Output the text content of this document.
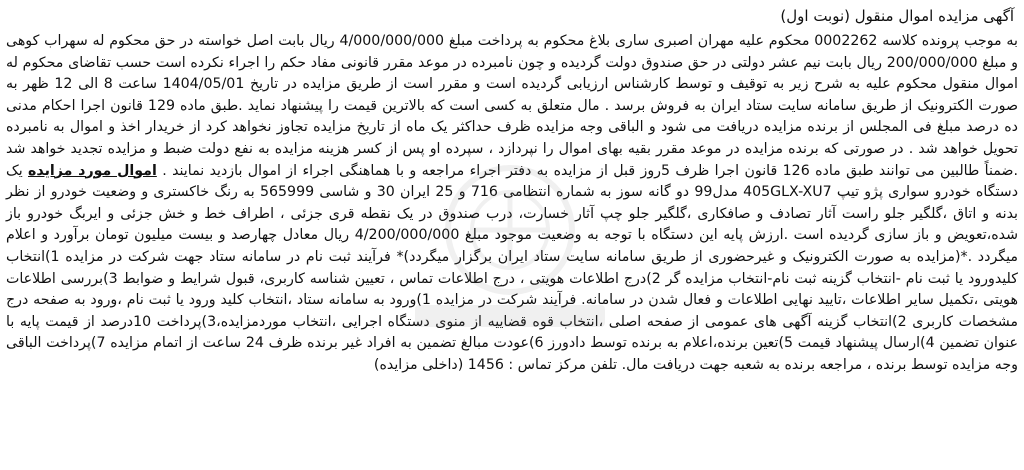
آگهی مزایده اموال منقول (نوبت اول)

به موجب پرونده کلاسه 0002262 محکوم علیه مهران اصبری ساری بلاغ محکوم به پرداخت مبلغ 4/000/000/000 ریال بابت اصل خواسته در حق محکوم له سهراب کوهی و مبلغ 200/000/000 ریال بابت نیم عشر دولتی در حق صندوق دولت گردیده و چون نامبرده در موعد مقرر قانونی مفاد حکم را اجراء نکرده است حسب تقاضای محکوم له اموال منقول محکوم علیه به شرح زیر به توقیف و توسط کارشناس ارزیابی گردیده است و مقرر است از طریق مزایده در تاریخ 1404/05/01 ساعت 8 الی 12 ظهر به صورت الکترونیک از طریق سامانه سایت ستاد ایران به فروش برسد . مال متعلق به کسی است که بالاترین قیمت را پیشنهاد نماید .طبق ماده 129 قانون اجرا احکام مدنی ده درصد مبلغ فی المجلس از برنده مزایده دریافت می شود و الباقی وجه مزایده ظرف حداکثر یک ماه از تاریخ مزایده تجاوز نخواهد کرد از خریدار اخذ و اموال به نامبرده تحویل خواهد شد . در صورتی که برنده مزایده در موعد مقرر بقیه بهای اموال را نپردازد ، سپرده او پس از کسر هزینه مزایده به نفع دولت ضبط و مزایده تجدید خواهد شد .ضمناً طالبین می توانند طبق ماده 126 قانون اجرا ظرف 5روز قبل از مزایده به دفتر اجراء مراجعه و با هماهنگی اجراء از اموال بازدید نمایند . اموال مورد مزایده یک دستگاه خودرو سواری پژو تیپ 405GLX-XU7 مدل99 دو گانه سوز به شماره انتظامی 716 و 25 ایران 30 و شاسی 565999 به رنگ خاکستری و وضعیت خودرو از نظر بدنه و اتاق ،گلگیر جلو راست آثار تصادف و صافکاری ،گلگیر جلو چپ آثار خسارت، درب صندوق در یک نقطه قری جزئی ، اطراف خط و خش جزئی و ایربگ خودرو باز شده،تعویض و باز سازی گردیده است .ارزش پایه این دستگاه با توجه به وضعیت موجود مبلغ 4/200/000/000 ریال معادل چهارصد و بیست میلیون تومان برآورد و اعلام میگردد .*(مزایده به صورت الکترونیک و غیرحضوری از طریق سامانه سایت ستاد ایران برگزار میگردد)* فرآیند ثبت نام در سامانه ستاد جهت شرکت در مزایده 1)انتخاب کلیدورود یا ثبت نام -انتخاب گزینه ثبت نام-انتخاب مزایده گر 2)درج اطلاعات هویتی ، درج اطلاعات تماس ، تعیین شناسه کاربری، قبول شرایط و ضوابط 3)بررسی اطلاعات هویتی ،تکمیل سایر اطلاعات ،تایید نهایی اطلاعات و فعال شدن در سامانه. فرآیند شرکت در مزایده 1)ورود به سامانه ستاد ،انتخاب کلید ورود یا ثبت نام ،ورود به صفحه درج مشخصات کاربری 2)انتخاب گزینه آگهی های عمومی از صفحه اصلی ،انتخاب قوه قضاییه از منوی دستگاه اجرایی ،انتخاب موردمزایده،3)پرداخت 10درصد از قیمت پایه با عنوان تضمین 4)ارسال پیشنهاد قیمت 5)تعین برنده،اعلام به برنده توسط دادورز 6)عودت مبالغ تضمین به افراد غیر برنده ظرف 24 ساعت از اتمام مزایده 7)پرداخت الباقی وجه مزایده توسط برنده ، مراجعه برنده به شعبه جهت دریافت مال. تلفن مرکز تماس : 1456 (داخلی مزایده)
